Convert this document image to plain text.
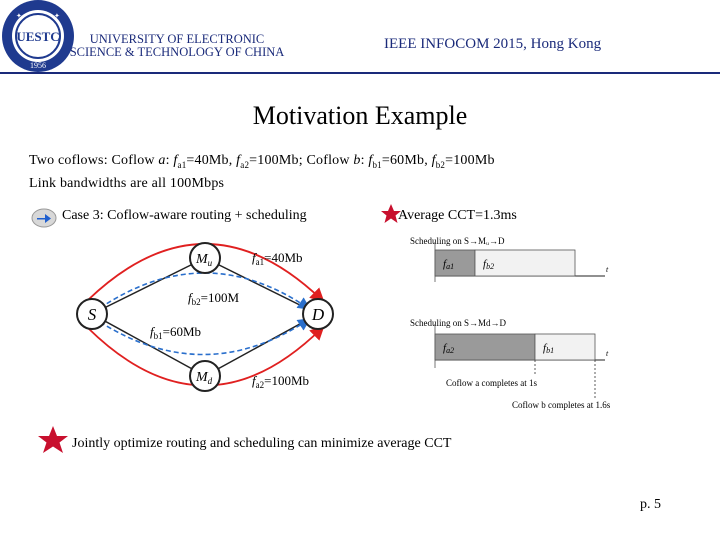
UESTC
1956
✦	✦
UNIVERSITY OF ELECTRONIC
SCIENCE & TECHNOLOGY OF CHINA	IEEE INFOCOM 2015, Hong Kong
Motivation Example
Two coflows: Coflow a: $f_{a1}=40Mb$, $f_{a2}=100Mb$; Coflow b: $f_{b1}=60Mb$, $f_{b2}=100Mb$
Link bandwidths are all 100Mbps
Case 3: Coflow-aware routing + scheduling	Average CCT=1.3ms
S	D
$M_u$
$M_d$
$f_{a1}=40Mb$
$f_{b2}=100M$
$f_{b1}=60Mb$
$f_{a2}=100Mb$
Scheduling on S→Mᵤ→D
t
fa1	fb2
Scheduling on S→Md→D
t
fa2	fb1
Coflow a completes at 1s
Coflow b completes at 1.6s
Jointly optimize routing and scheduling can minimize average CCT
p. 5
